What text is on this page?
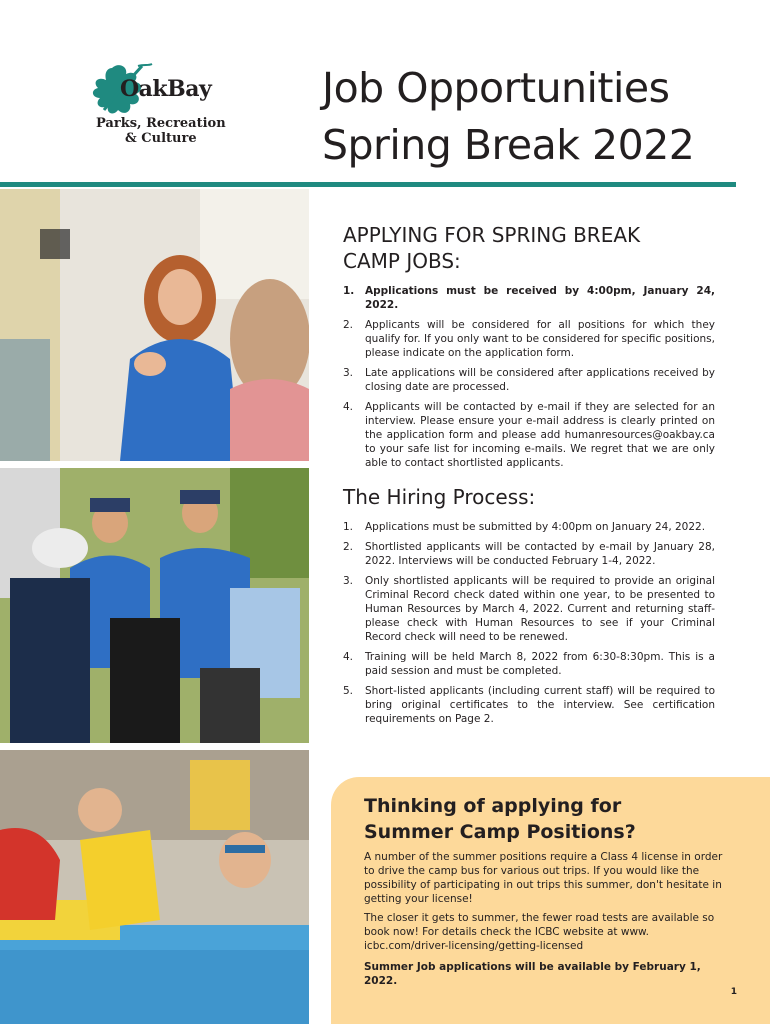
OakBay
Parks, Recreation
& Culture
Job Opportunities
Spring Break 2022
APPLYING FOR SPRING BREAK
CAMP JOBS:
1. Applications must be received by 4:00pm, January 24, 2022.
2. Applicants will be considered for all positions for which they qualify for. If you only want to be considered for specific positions, please indicate on the application form.
3. Late applications will be considered after applications received by closing date are processed.
4. Applicants will be contacted by e-mail if they are selected for an interview. Please ensure your e-mail address is clearly printed on the application form and please add humanresources@oakbay.ca to your safe list for incoming e-mails. We regret that we are only able to contact shortlisted applicants.
The Hiring Process:
1. Applications must be submitted by 4:00pm on January 24, 2022.
2. Shortlisted applicants will be contacted by e-mail by January 28, 2022. Interviews will be conducted February 1-4, 2022.
3. Only shortlisted applicants will be required to provide an original Criminal Record check dated within one year, to be presented to Human Resources by March 4, 2022. Current and returning staff- please check with Human Resources to see if your Criminal Record check will need to be renewed.
4. Training will be held March 8, 2022 from 6:30-8:30pm. This is a paid session and must be completed.
5. Short-listed applicants (including current staff) will be required to bring original certificates to the interview. See certification requirements on Page 2.
Thinking of applying for
Summer Camp Positions?

A number of the summer positions require a Class 4 license in order to drive the camp bus for various out trips. If you would like the possibility of participating in out trips this summer, don't hesitate in getting your license!

The closer it gets to summer, the fewer road tests are available so book now! For details check the ICBC website at www. icbc.com/driver-licensing/getting-licensed

Summer Job applications will be available by February 1, 2022.

1
